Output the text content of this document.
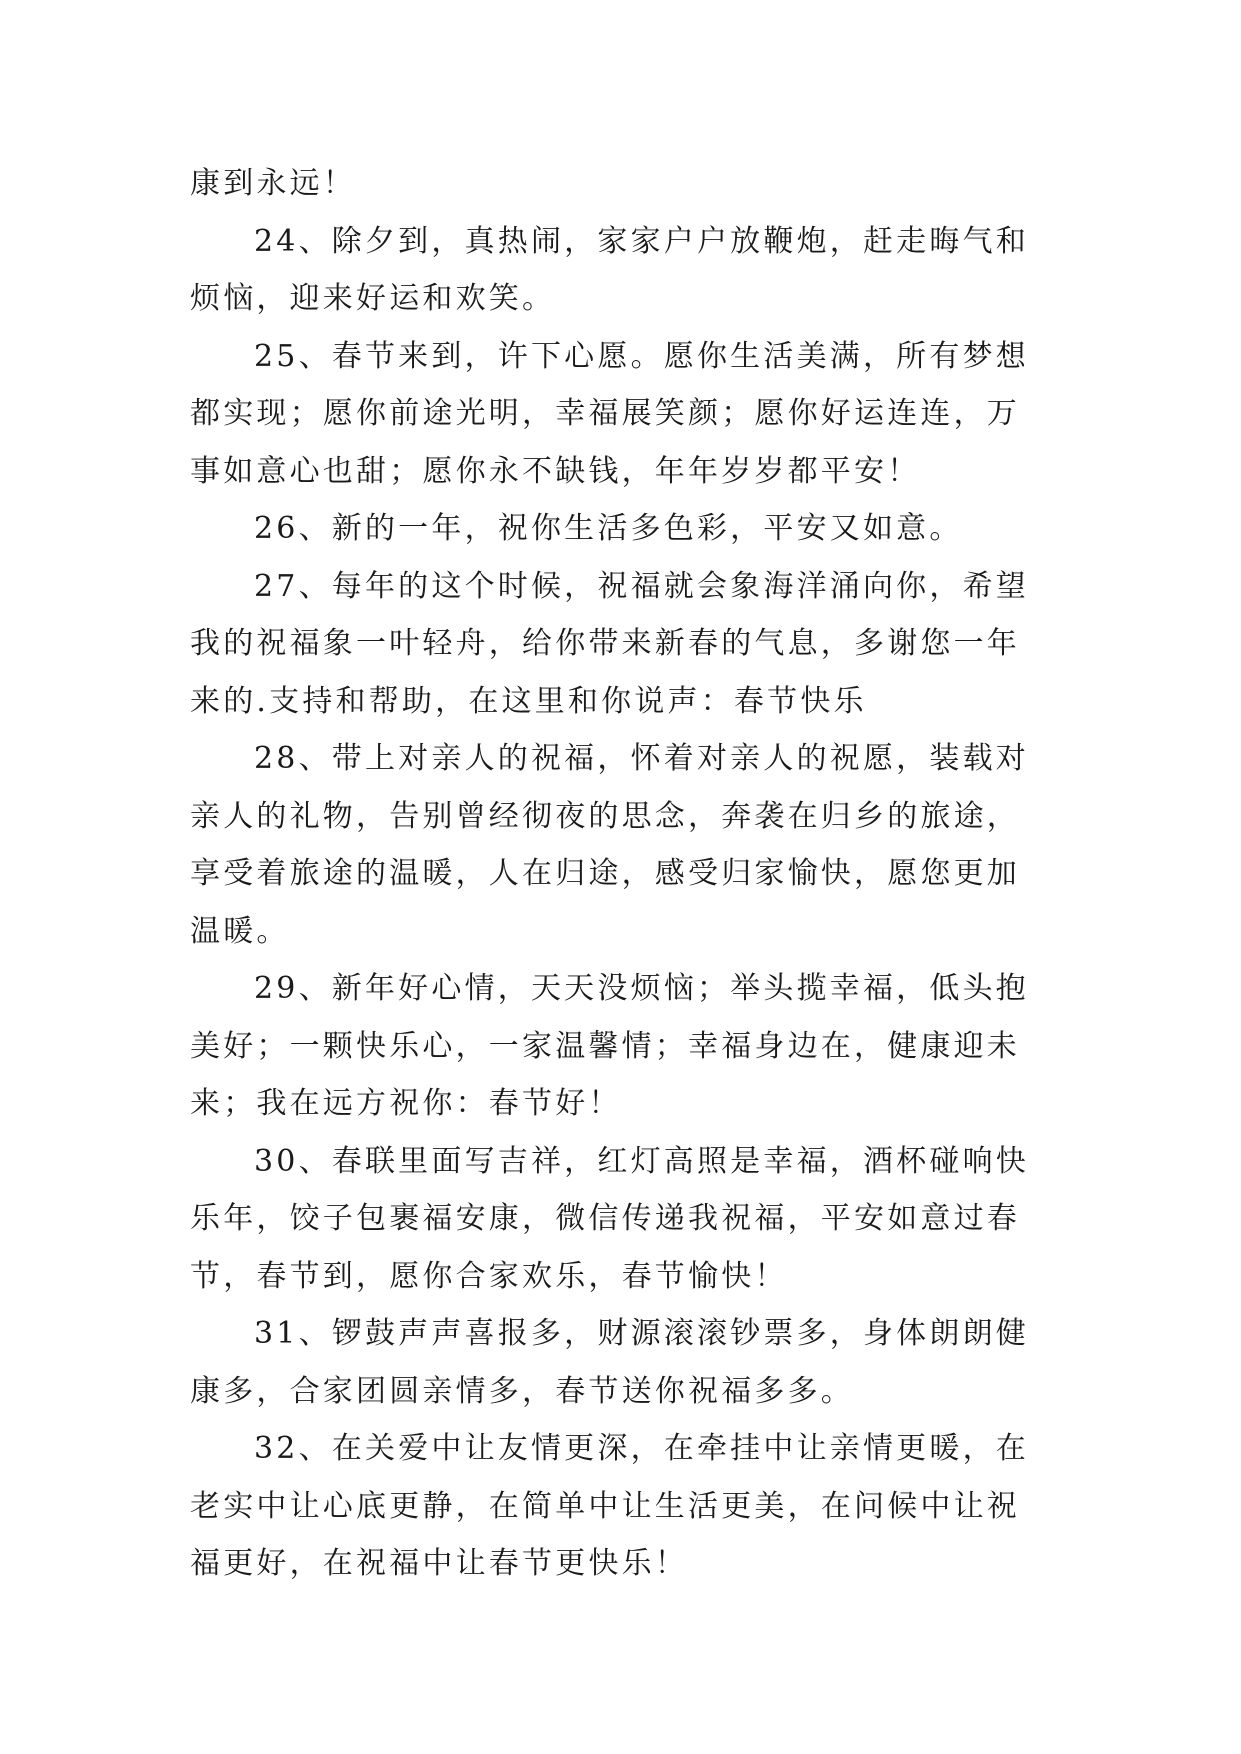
康到永远！

24、除夕到，真热闹，家家户户放鞭炮，赶走晦气和烦恼，迎来好运和欢笑。

25、春节来到，许下心愿。愿你生活美满，所有梦想都实现；愿你前途光明，幸福展笑颜；愿你好运连连，万事如意心也甜；愿你永不缺钱，年年岁岁都平安！

26、新的一年，祝你生活多色彩，平安又如意。

27、每年的这个时候，祝福就会象海洋涌向你，希望我的祝福象一叶轻舟，给你带来新春的气息，多谢您一年来的.支持和帮助，在这里和你说声：春节快乐

28、带上对亲人的祝福，怀着对亲人的祝愿，装载对亲人的礼物，告别曾经彻夜的思念，奔袭在归乡的旅途，享受着旅途的温暖，人在归途，感受归家愉快，愿您更加温暖。

29、新年好心情，天天没烦恼；举头揽幸福，低头抱美好；一颗快乐心，一家温馨情；幸福身边在，健康迎未来；我在远方祝你：春节好！

30、春联里面写吉祥，红灯高照是幸福，酒杯碰响快乐年，饺子包裹福安康，微信传递我祝福，平安如意过春节，春节到，愿你合家欢乐，春节愉快！

31、锣鼓声声喜报多，财源滚滚钞票多，身体朗朗健康多，合家团圆亲情多，春节送你祝福多多。

32、在关爱中让友情更深，在牵挂中让亲情更暖，在老实中让心底更静，在简单中让生活更美，在问候中让祝福更好，在祝福中让春节更快乐！
